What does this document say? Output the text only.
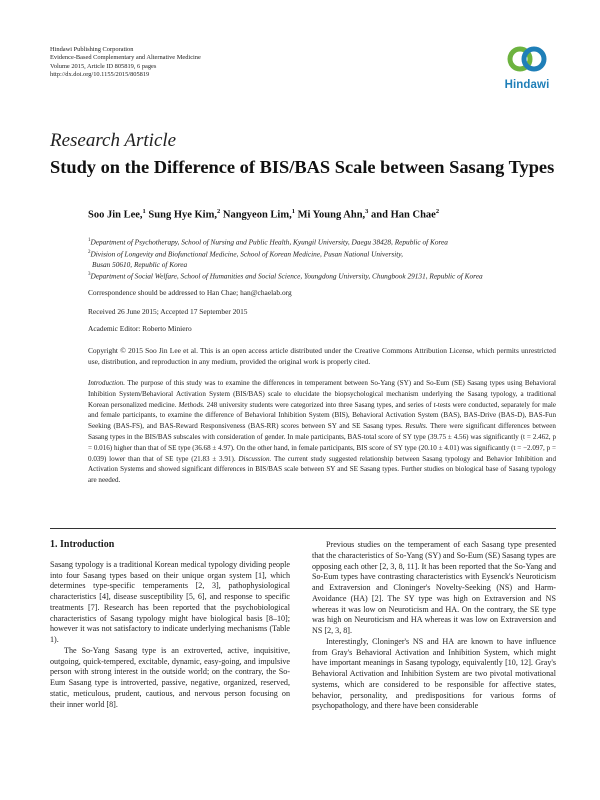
Hindawi Publishing Corporation
Evidence-Based Complementary and Alternative Medicine
Volume 2015, Article ID 805819, 6 pages
http://dx.doi.org/10.1155/2015/805819
Hindawi
Research Article
Study on the Difference of BIS/BAS Scale between Sasang Types
Soo Jin Lee,$^1$ Sung Hye Kim,$^2$ Nangyeon Lim,$^1$ Mi Young Ahn,$^3$ and Han Chae$^2$
$^1$Department of Psychotherapy, School of Nursing and Public Health, Kyungil University, Daegu 38428, Republic of Korea
$^2$Division of Longevity and Biofunctional Medicine, School of Korean Medicine, Pusan National University,
Busan 50610, Republic of Korea
$^3$Department of Social Welfare, School of Humanities and Social Science, Youngdong University, Chungbook 29131, Republic of Korea
Correspondence should be addressed to Han Chae; han@chaelab.org
Received 26 June 2015; Accepted 17 September 2015
Academic Editor: Roberto Miniero
Copyright © 2015 Soo Jin Lee et al. This is an open access article distributed under the Creative Commons Attribution License, which permits unrestricted use, distribution, and reproduction in any medium, provided the original work is properly cited.
Introduction. The purpose of this study was to examine the differences in temperament between So-Yang (SY) and So-Eum (SE) Sasang types using Behavioral Inhibition System/Behavioral Activation System (BIS/BAS) scale to elucidate the biopsychological mechanism underlying the Sasang typology, a traditional Korean personalized medicine. Methods. 248 university students were categorized into three Sasang types, and series of t-tests were conducted, separately for male and female participants, to examine the difference of Behavioral Inhibition System (BIS), Behavioral Activation System (BAS), BAS-Drive (BAS-D), BAS-Fun Seeking (BAS-FS), and BAS-Reward Responsiveness (BAS-RR) scores between SY and SE Sasang types. Results. There were significant differences between Sasang types in the BIS/BAS subscales with consideration of gender. In male participants, BAS-total score of SY type (39.75 ± 4.56) was significantly (t = 2.462, p = 0.016) higher than that of SE type (36.68 ± 4.97). On the other hand, in female participants, BIS score of SY type (20.10 ± 4.01) was significantly (t = −2.097, p = 0.039) lower than that of SE type (21.83 ± 3.91). Discussion. The current study suggested relationship between Sasang typology and Behavior Inhibition and Activation Systems and showed significant differences in BIS/BAS scale between SY and SE Sasang types. Further studies on biological base of Sasang typology are needed.
1. Introduction

Sasang typology is a traditional Korean medical typology dividing people into four Sasang types based on their unique organ system [1], which determines type-specific temperaments [2, 3], pathophysiological characteristics [4], disease susceptibility [5, 6], and response to specific treatments [7]. Research has been reported that the psychobiological characteristics of Sasang typology might have biological basis [8–10]; however it was not satisfactory to indicate underlying mechanisms (Table 1).

The So-Yang Sasang type is an extroverted, active, inquisitive, outgoing, quick-tempered, excitable, dynamic, easy-going, and impulsive person with strong interest in the outside world; on the contrary, the So-Eum Sasang type is introverted, passive, negative, organized, reserved, static, meticulous, prudent, cautious, and nervous person focusing on their inner world [8].

Previous studies on the temperament of each Sasang type presented that the characteristics of So-Yang (SY) and So-Eum (SE) Sasang types are opposing each other [2, 3, 8, 11]. It has been reported that the So-Yang and So-Eum types have contrasting characteristics with Eysenck's Neuroticism and Extraversion and Cloninger's Novelty-Seeking (NS) and Harm-Avoidance (HA) [2]. The SY type was high on Extraversion and NS whereas it was low on Neuroticism and HA. On the contrary, the SE type was high on Neuroticism and HA whereas it was low on Extraversion and NS [2, 3, 8].

Interestingly, Cloninger's NS and HA are known to have influence from Gray's Behavioral Activation and Inhibition System, which might have important meanings in Sasang typology, equivalently [10, 12]. Gray's Behavioral Activation and Inhibition System are two pivotal motivational systems, which are considered to be responsible for affective states, behavior, personality, and predispositions for various forms of psychopathology, and there have been considerable
